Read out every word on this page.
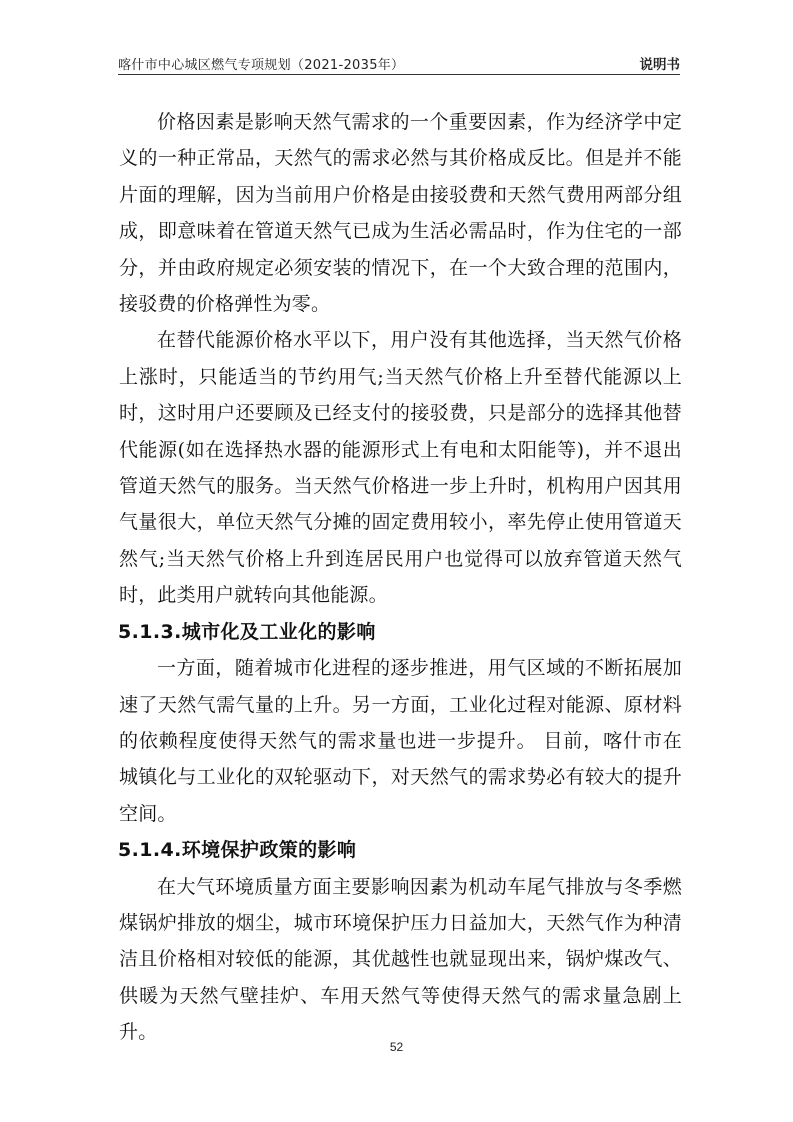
喀什市中心城区燃气专项规划（2021-2035年）	说明书

价格因素是影响天然气需求的一个重要因素，作为经济学中定义的一种正常品，天然气的需求必然与其价格成反比。但是并不能片面的理解，因为当前用户价格是由接驳费和天然气费用两部分组成，即意味着在管道天然气已成为生活必需品时，作为住宅的一部分，并由政府规定必须安装的情况下，在一个大致合理的范围内，接驳费的价格弹性为零。

在替代能源价格水平以下，用户没有其他选择，当天然气价格上涨时，只能适当的节约用气;当天然气价格上升至替代能源以上时，这时用户还要顾及已经支付的接驳费，只是部分的选择其他替代能源(如在选择热水器的能源形式上有电和太阳能等)，并不退出管道天然气的服务。当天然气价格进一步上升时，机构用户因其用气量很大，单位天然气分摊的固定费用较小，率先停止使用管道天然气;当天然气价格上升到连居民用户也觉得可以放弃管道天然气时，此类用户就转向其他能源。

5.1.3.城市化及工业化的影响

一方面，随着城市化进程的逐步推进，用气区域的不断拓展加速了天然气需气量的上升。另一方面，工业化过程对能源、原材料的依赖程度使得天然气的需求量也进一步提升。 目前，喀什市在城镇化与工业化的双轮驱动下，对天然气的需求势必有较大的提升空间。

5.1.4.环境保护政策的影响

在大气环境质量方面主要影响因素为机动车尾气排放与冬季燃煤锅炉排放的烟尘，城市环境保护压力日益加大，天然气作为种清洁且价格相对较低的能源，其优越性也就显现出来，锅炉煤改气、供暖为天然气壁挂炉、车用天然气等使得天然气的需求量急剧上升。

52
